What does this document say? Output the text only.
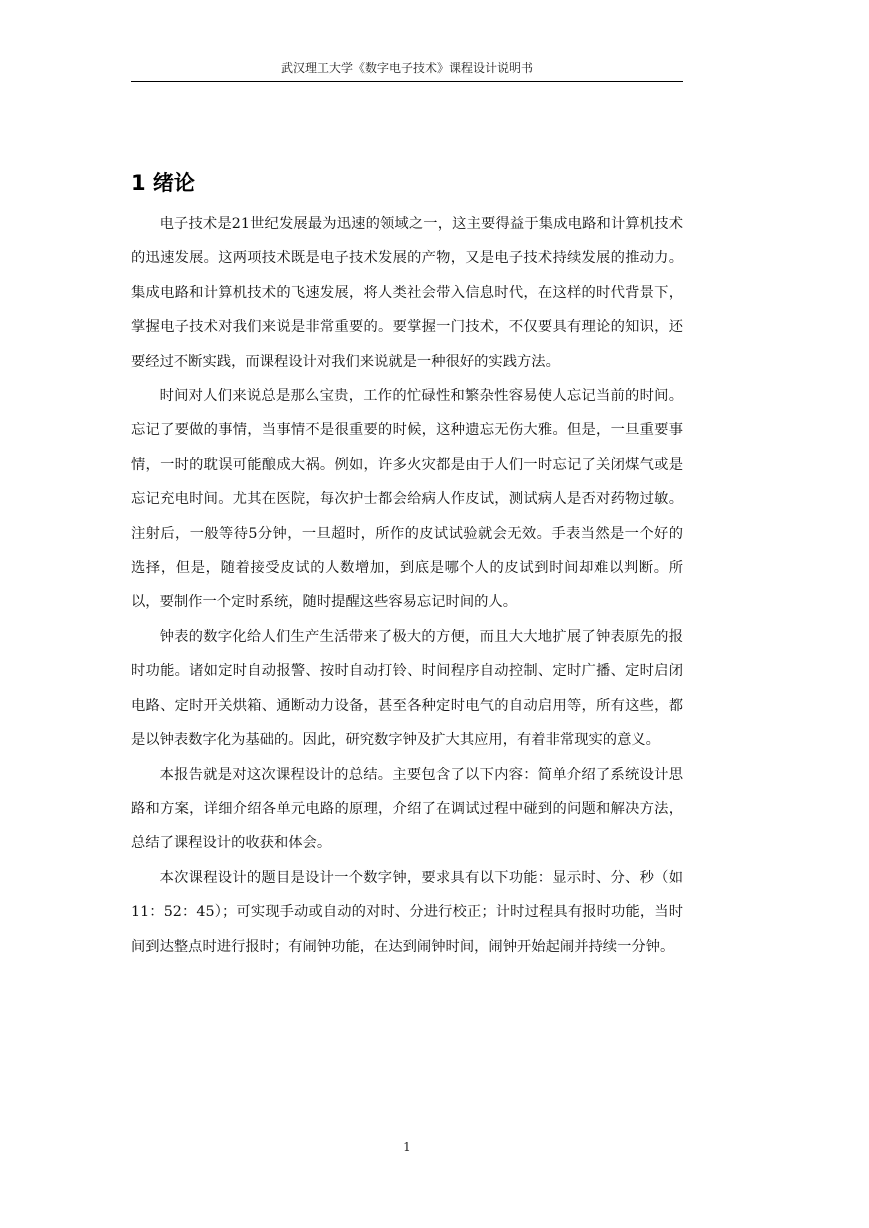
武汉理工大学《数字电子技术》课程设计说明书
1 绪论

电子技术是21世纪发展最为迅速的领域之一，这主要得益于集成电路和计算机技术的迅速发展。这两项技术既是电子技术发展的产物，又是电子技术持续发展的推动力。集成电路和计算机技术的飞速发展，将人类社会带入信息时代，在这样的时代背景下，掌握电子技术对我们来说是非常重要的。要掌握一门技术，不仅要具有理论的知识，还要经过不断实践，而课程设计对我们来说就是一种很好的实践方法。

时间对人们来说总是那么宝贵，工作的忙碌性和繁杂性容易使人忘记当前的时间。忘记了要做的事情，当事情不是很重要的时候，这种遗忘无伤大雅。但是，一旦重要事情，一时的耽误可能酿成大祸。例如，许多火灾都是由于人们一时忘记了关闭煤气或是忘记充电时间。尤其在医院，每次护士都会给病人作皮试，测试病人是否对药物过敏。注射后，一般等待5分钟，一旦超时，所作的皮试试验就会无效。手表当然是一个好的选择，但是，随着接受皮试的人数增加，到底是哪个人的皮试到时间却难以判断。所以，要制作一个定时系统，随时提醒这些容易忘记时间的人。

钟表的数字化给人们生产生活带来了极大的方便，而且大大地扩展了钟表原先的报时功能。诸如定时自动报警、按时自动打铃、时间程序自动控制、定时广播、定时启闭电路、定时开关烘箱、通断动力设备，甚至各种定时电气的自动启用等，所有这些，都是以钟表数字化为基础的。因此，研究数字钟及扩大其应用，有着非常现实的意义。

本报告就是对这次课程设计的总结。主要包含了以下内容：简单介绍了系统设计思路和方案，详细介绍各单元电路的原理，介绍了在调试过程中碰到的问题和解决方法，总结了课程设计的收获和体会。

本次课程设计的题目是设计一个数字钟，要求具有以下功能：显示时、分、秒（如11：52：45）；可实现手动或自动的对时、分进行校正；计时过程具有报时功能，当时间到达整点时进行报时；有闹钟功能，在达到闹钟时间，闹钟开始起闹并持续一分钟。

1
